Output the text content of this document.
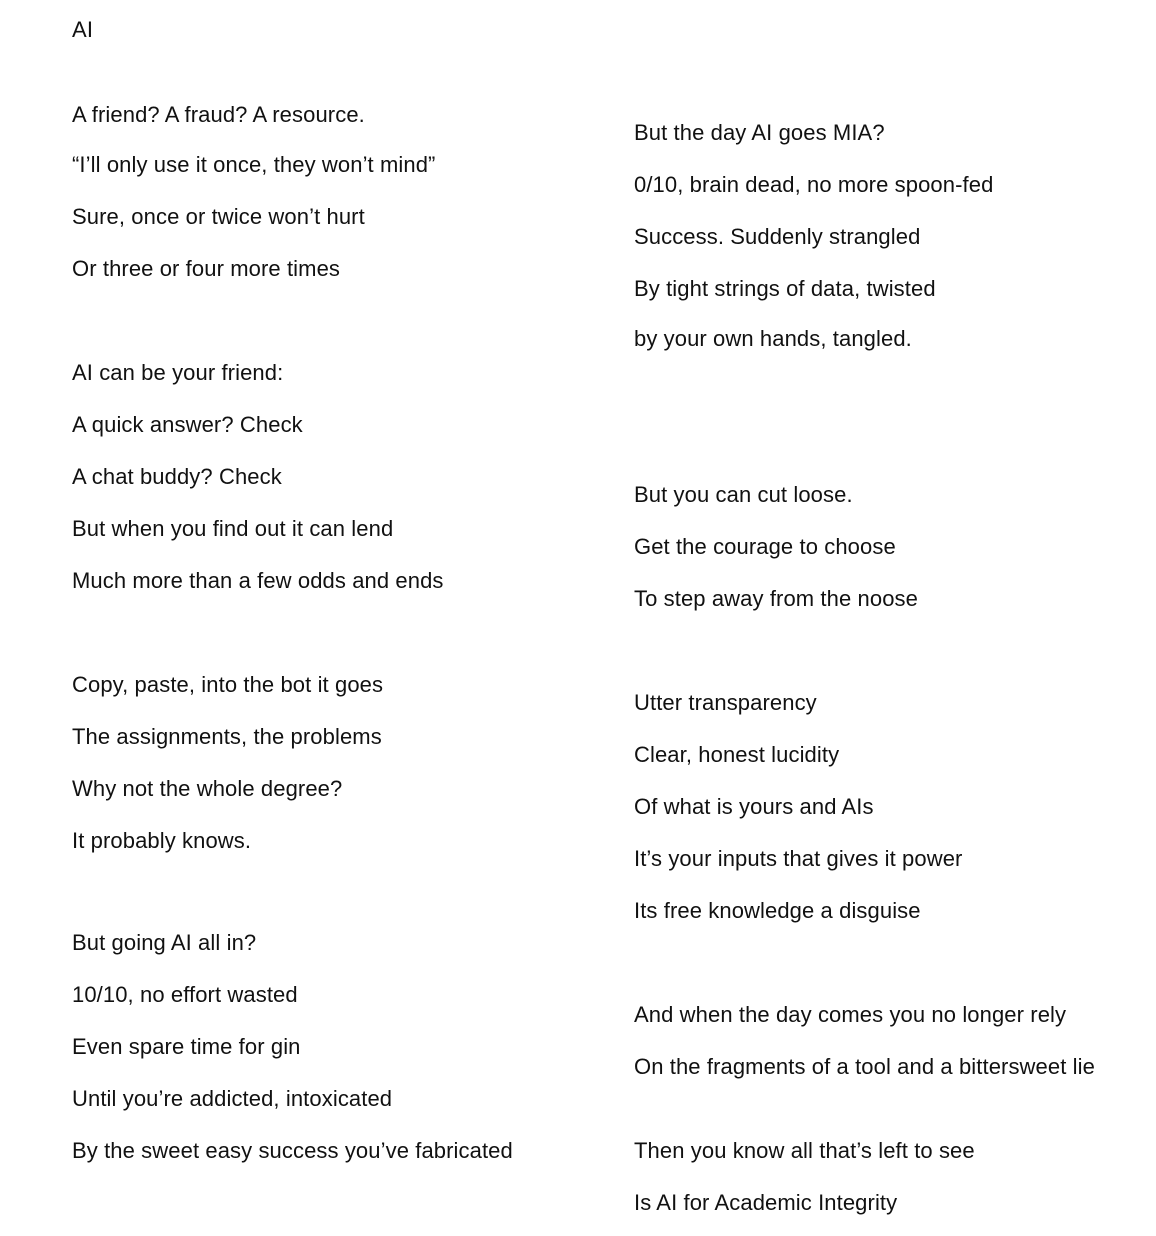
AI
A friend? A fraud? A resource.
“I’ll only use it once, they won’t mind”
Sure, once or twice won’t hurt
Or three or four more times
AI can be your friend:
A quick answer? Check
A chat buddy? Check
But when you find out it can lend
Much more than a few odds and ends
Copy, paste, into the bot it goes
The assignments, the problems
Why not the whole degree?
It probably knows.
But going AI all in?
10/10, no effort wasted
Even spare time for gin
Until you’re addicted, intoxicated
By the sweet easy success you’ve fabricated
But the day AI goes MIA?
0/10, brain dead, no more spoon-fed
Success. Suddenly strangled
By tight strings of data, twisted
by your own hands, tangled.
But you can cut loose.
Get the courage to choose
To step away from the noose
Utter transparency
Clear, honest lucidity
Of what is yours and AIs
It’s your inputs that gives it power
Its free knowledge a disguise
And when the day comes you no longer rely
On the fragments of a tool and a bittersweet lie
Then you know all that’s left to see
Is AI for Academic Integrity
